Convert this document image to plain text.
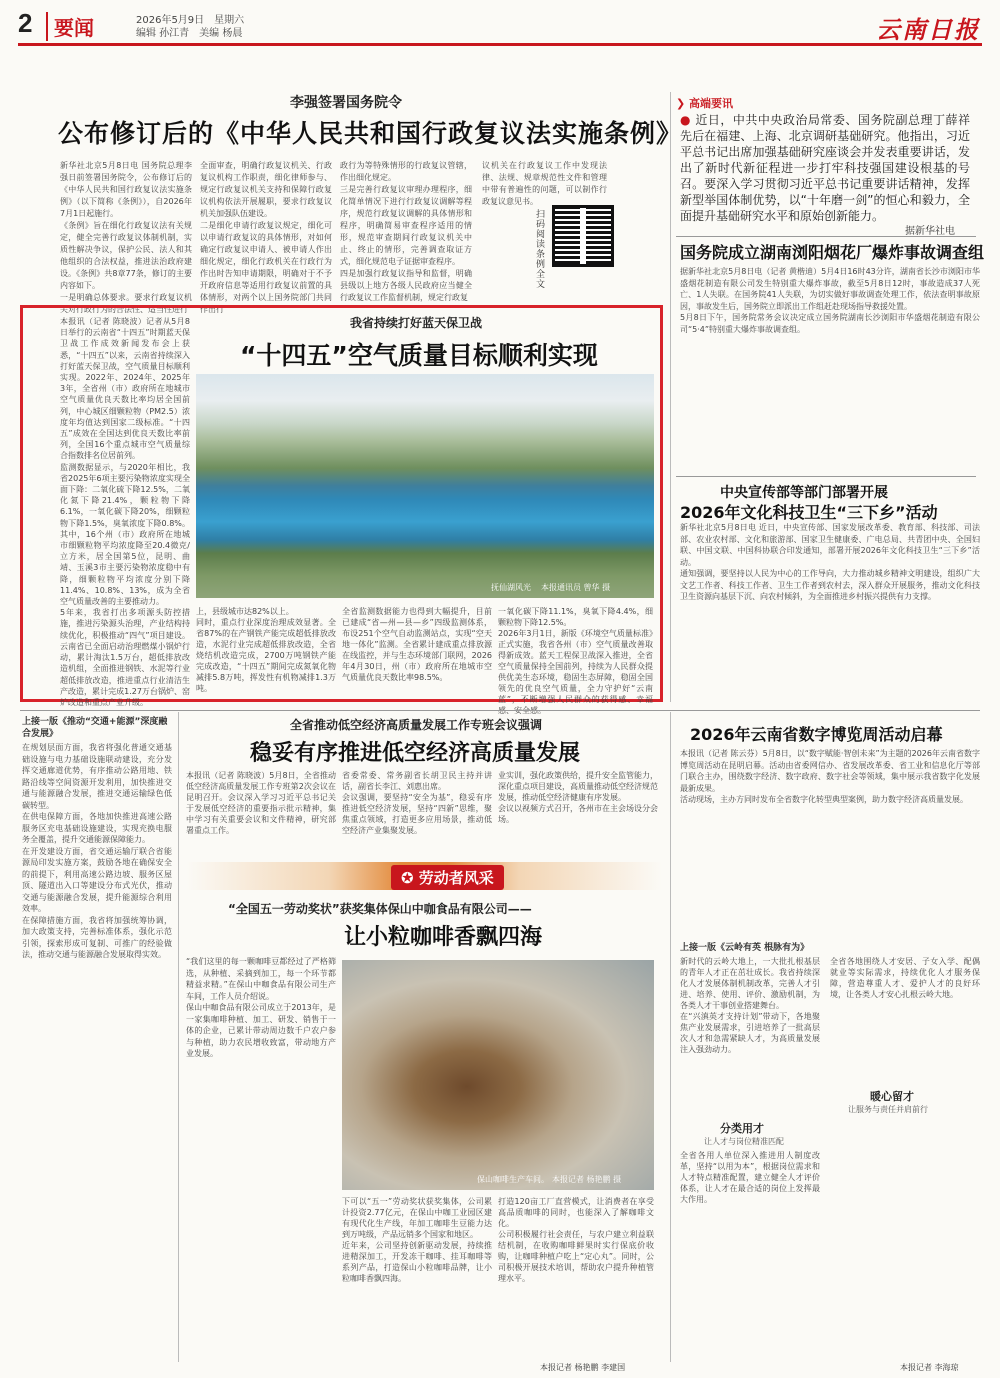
2	要闻	2026年5月9日　星期六
编辑 孙江青　美编 杨晨	云南日报
李强签署国务院令
公布修订后的《中华人民共和国行政复议法实施条例》
新华社北京5月8日电 国务院总理李强日前签署国务院令，公布修订后的《中华人民共和国行政复议法实施条例》（以下简称《条例》），自2026年7月1日起施行。
《条例》旨在细化行政复议法有关规定，健全完善行政复议体制机制，实质性解决争议，保护公民、法人和其他组织的合法权益，推进法治政府建设。《条例》共8章77条，修订的主要内容如下。
一是明确总体要求。要求行政复议机关对行政行为的合法性、适当性进行
全面审查，明确行政复议机关、行政复议机构工作职责，细化律师参与、规定行政复议机关支持和保障行政复议机构依法开展履职，要求行政复议机关加强队伍建设。
二是细化申请行政复议规定，细化可以申请行政复议的具体情形，对如何确定行政复议申请人、被申请人作出细化规定，细化行政机关在行政行为作出时告知申请期限，明确对于不予开政府信息等适用行政复议前置的具体情形，对两个以上国务院部门共同作出行
政行为等特殊情形的行政复议管辖，作出细化规定。
三是完善行政复议审理办理程序，细化简单情况下进行行政复议调解等程序，规范行政复议调解的具体情形和程序，明确简易审查程序适用的情形，规范审查期间行政复议机关中止、终止的情形，完善调查取证方式，细化规范电子证据审查程序。
四是加强行政复议指导和监督，明确县级以上地方各级人民政府应当健全行政复议工作监督机制，规定行政复
议机关在行政复议工作中发现法律、法规、规章规范性文件和管理中带有普遍性的问题，可以制作行政复议意见书。
扫码阅读条例全文
我省持续打好蓝天保卫战
“十四五”空气质量目标顺利实现
本报讯（记者 陈晓波）记者从5月8日举行的云南省“十四五”时期蓝天保卫战工作成效新闻发布会上获悉，“十四五”以来，云南省持续深入打好蓝天保卫战，空气质量目标顺利实现。2022年、2024年、2025年3年，全省州（市）政府所在地城市空气质量优良天数比率均居全国前列，中心城区细颗粒物（PM2.5）浓度年均值达到国家二级标准。“十四五”成效在全国达到优良天数比率前列，全国16个重点城市空气质量综合指数排名位居前列。
监测数据显示，与2020年相比，我省2025年6项主要污染物浓度实现全面下降：二氧化硫下降12.5%，二氧化氮下降21.4%，颗粒物下降6.1%，一氧化碳下降20%，细颗粒物下降1.5%，臭氧浓度下降0.8%。其中，16个州（市）政府所在地城市细颗粒物平均浓度降至20.4微克/立方米，居全国第5位，昆明、曲靖、玉溪3市主要污染物浓度稳中有降，细颗粒物平均浓度分别下降11.4%、10.8%、13%，成为全省空气质量改善的主要推动力。
5年来，我省打出多项源头防控措施，推进污染源头治理，产业结构持续优化，积极推动“四气”项目建设。云南省已全面启动治理燃煤小锅炉行动，累计淘汰1.5万台，超低排放改造机组，全面推进钢铁、水泥等行业超低排放改造，推进重点行业清洁生产改造，累计完成1.27万台锅炉、窑炉改造和重点产业升级。
抚仙湖风光 本报通讯员 曾华 摄
上，县级城市达82%以上。
同时，重点行业深度治理成效显著。全省87%的在产钢铁产能完成超低排放改造，水泥行业完成超低排放改造，全省烧结机改造完成，2700万吨钢铁产能完成改造，“十四五”期间完成氮氧化物减排5.8万吨，挥发性有机物减排1.3万吨。
全省监测数据能力也得到大幅提升，目前已建成“省—州—县—乡”四级监测体系，布设251个空气自动监测站点，实现“空天地一体化”监测。全省累计建成重点排放源在线监控，并与生态环境部门联网，2026年4月30日，州（市）政府所在地城市空气质量优良天数比率98.5%。
一氧化碳下降11.1%，臭氧下降4.4%，细颗粒物下降12.5%。
2026年3月1日，新版《环境空气质量标准》正式实施，我省各州（市）空气质量改善取得新成效。蓝天工程保卫战深入推进，全省空气质量保持全国前列，持续为人民群众提供优美生态环境，稳固生态屏障，稳固全国领先的优良空气质量，全力守护好“云南蓝”，不断增强人民群众的获得感、幸福感、安全感。
❯ 高端要讯
● 近日，中共中央政治局常委、国务院副总理丁薛祥先后在福建、上海、北京调研基础研究。他指出，习近平总书记出席加强基础研究座谈会并发表重要讲话，发出了新时代新征程进一步打牢科技强国建设根基的号召。要深入学习贯彻习近平总书记重要讲话精神，发挥新型举国体制优势，以“十年磨一剑”的恒心和毅力，全面提升基础研究水平和原始创新能力。
据新华社电
国务院成立湖南浏阳烟花厂爆炸事故调查组
据新华社北京5月8日电（记者 黄楷迪）5月4日16时43分许，湖南省长沙市浏阳市华盛烟花制造有限公司发生特别重大爆炸事故，截至5月8日12时，事故造成37人死亡、1人失联。在国务院41人失联，为切实做好事故调查处理工作，依法查明事故原因，事故发生后，国务院立即派出工作组赶赴现场指导救援处置。
5月8日下午，国务院常务会议决定成立国务院湖南长沙浏阳市华盛烟花制造有限公司“5·4”特别重大爆炸事故调查组。
中央宣传部等部门部署开展
2026年文化科技卫生“三下乡”活动
新华社北京5月8日电 近日，中央宣传部、国家发展改革委、教育部、科技部、司法部、农业农村部、文化和旅游部、国家卫生健康委、广电总局、共青团中央、全国妇联、中国文联、中国科协联合印发通知，部署开展2026年文化科技卫生“三下乡”活动。
通知强调，要坚持以人民为中心的工作导向，大力推动城乡精神文明建设，组织广大文艺工作者、科技工作者、卫生工作者到农村去，深入群众开展服务，推动文化科技卫生资源向基层下沉、向农村倾斜，为全面推进乡村振兴提供有力支撑。
上接一版《推动“交通+能源”深度融合发展》
在规划层面方面，我省将强化普通交通基础设施与电力基础设施联动建设，充分发挥交通廊道优势，有序推动公路用地、铁路沿线等空间资源开发利用，加快推进交通与能源融合发展，推进交通运输绿色低碳转型。
在供电保障方面，各地加快推进高速公路服务区充电基础设施建设，实现充换电服务全覆盖，提升交通能源保障能力。
在开发建设方面，省交通运输厅联合省能源局印发实施方案，鼓励各地在确保安全的前提下，利用高速公路边坡、服务区屋顶、隧道出入口等建设分布式光伏，推动交通与能源融合发展，提升能源综合利用效率。
在保障措施方面，我省将加强统筹协调，加大政策支持，完善标准体系，强化示范引领，探索形成可复制、可推广的经验做法，推动交通与能源融合发展取得实效。
全省推动低空经济高质量发展工作专班会议强调
稳妥有序推进低空经济高质量发展
本报讯（记者 陈晓波）5月8日，全省推动低空经济高质量发展工作专班第2次会议在昆明召开。会议深入学习习近平总书记关于发展低空经济的重要指示批示精神，集中学习有关重要会议和文件精神，研究部署重点工作。
省委常委、常务副省长胡卫民主持并讲话，副省长李江、刘惠出席。
会议强调，要坚持“安全为基”，稳妥有序推进低空经济发展，坚持“四新”思维，聚焦重点领域，打造更多应用场景，推动低空经济产业集聚发展。
业实训，强化政策供给，提升安全监管能力，深化重点项目建设，高质量推动低空经济规范发展，推动低空经济健康有序发展。
会议以视频方式召开，各州市在主会场设分会场。
2026年云南省数字博览周活动启幕
本报讯（记者 陈云芬）5月8日，以“数字赋能·智创未来”为主题的2026年云南省数字博览周活动在昆明启幕。活动由省委网信办、省发展改革委、省工业和信息化厅等部门联合主办，围绕数字经济、数字政府、数字社会等领域，集中展示我省数字化发展最新成果。
活动现场，主办方同时发布全省数字化转型典型案例，助力数字经济高质量发展。
✪ 劳动者风采
“全国五一劳动奖状”获奖集体保山中咖食品有限公司——
让小粒咖啡香飘四海
“我们这里的每一颗咖啡豆都经过了严格筛选，从种植、采摘到加工，每一个环节都精益求精。”在保山中咖食品有限公司生产车间，工作人员介绍说。
保山中咖食品有限公司成立于2013年，是一家集咖啡种植、加工、研发、销售于一体的企业，已累计带动周边数千户农户参与种植，助力农民增收致富，带动地方产业发展。
保山咖啡生产车间。 本报记者 杨艳鹏 摄
下可以“五一”劳动奖状获奖集体，公司累计投资2.77亿元，在保山中咖工业园区建有现代化生产线，年加工咖啡生豆能力达到万吨级，产品远销多个国家和地区。
近年来，公司坚持创新驱动发展，持续推进精深加工，开发冻干咖啡、挂耳咖啡等系列产品，打造保山小粒咖啡品牌，让小粒咖啡香飘四海。
打造120亩工厂直营模式，让消费者在享受高品质咖啡的同时，也能深入了解咖啡文化。
公司积极履行社会责任，与农户建立利益联结机制，在收购咖啡鲜果时实行保底价收购，让咖啡种植户吃上“定心丸”。同时，公司积极开展技术培训，帮助农户提升种植管理水平。
本报记者 杨艳鹏 李建国
上接一版《云岭有英 根脉有为》
新时代的云岭大地上，一大批扎根基层的青年人才正在茁壮成长。我省持续深化人才发展体制机制改革，完善人才引进、培养、使用、评价、激励机制，为各类人才干事创业搭建舞台。
在“兴滇英才支持计划”带动下，各地聚焦产业发展需求，引进培养了一批高层次人才和急需紧缺人才，为高质量发展注入强劲动力。
分类用才
让人才与岗位精准匹配
全省各用人单位深入推进用人制度改革，坚持“以用为本”，根据岗位需求和人才特点精准配置，建立健全人才评价体系，让人才在最合适的岗位上发挥最大作用。
暖心留才
让服务与责任并肩前行
全省各地围绕人才安居、子女入学、配偶就业等实际需求，持续优化人才服务保障，营造尊重人才、爱护人才的良好环境，让各类人才安心扎根云岭大地。
本报记者 李海琼
